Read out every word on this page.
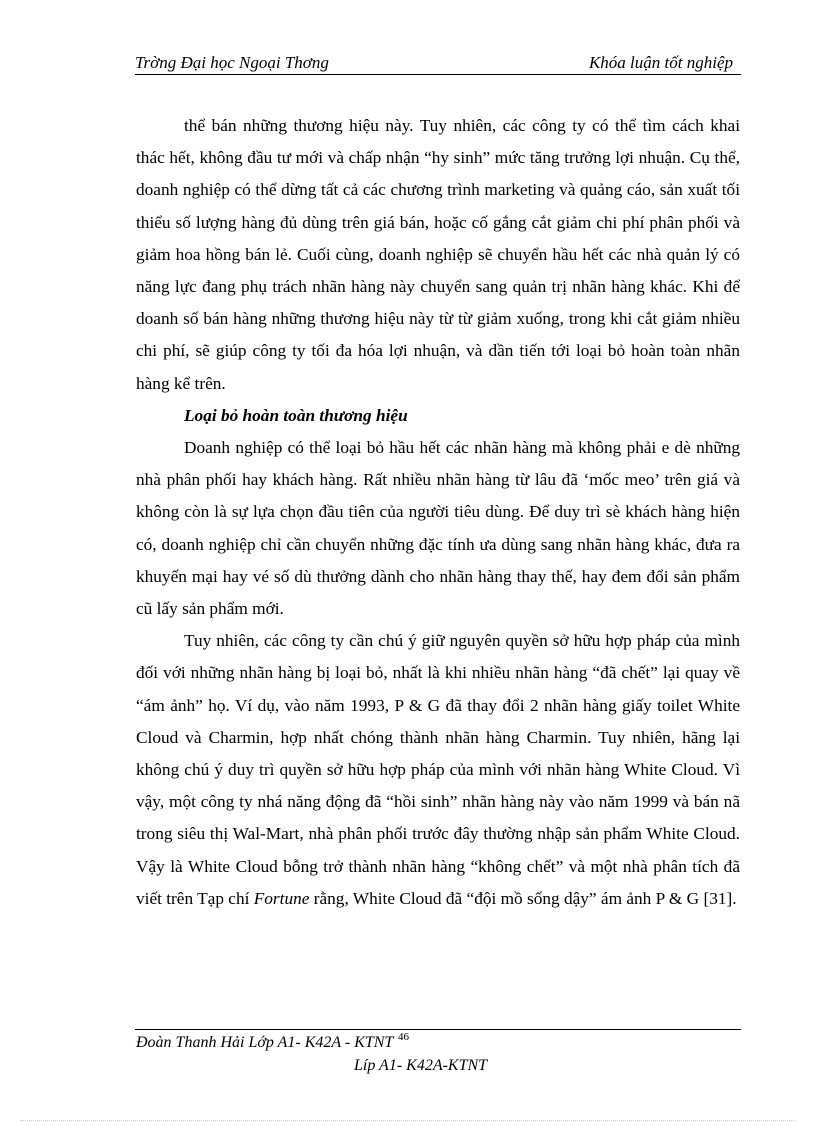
Trờng Đại học Ngoại Thơng	Khóa luận tốt nghiệp

thể bán những thương hiệu này. Tuy nhiên, các công ty có thể tìm cách khai thác hết, không đầu tư mới và chấp nhận “hy sinh” mức tăng trưởng lợi nhuận. Cụ thể, doanh nghiệp có thể dừng tất cả các chương trình marketing và quảng cáo, sản xuất tối thiểu số lượng hàng đủ dùng trên giá bán, hoặc cố gắng cắt giảm chi phí phân phối và giảm hoa hồng bán lẻ. Cuối cùng, doanh nghiệp sẽ chuyển hầu hết các nhà quản lý có năng lực đang phụ trách nhãn hàng này chuyển sang quản trị nhãn hàng khác. Khi để doanh số bán hàng những thương hiệu này từ từ giảm xuống, trong khi cắt giảm nhiều chi phí, sẽ giúp công ty tối đa hóa lợi nhuận, và dần tiến tới loại bỏ hoàn toàn nhãn hàng kể trên.

Loại bỏ hoàn toàn thương hiệu

Doanh nghiệp có thể loại bỏ hầu hết các nhãn hàng mà không phải e dè những nhà phân phối hay khách hàng. Rất nhiều nhãn hàng từ lâu đã ‘mốc meo’ trên giá và không còn là sự lựa chọn đầu tiên của người tiêu dùng. Để duy trì sè khách hàng hiện có, doanh nghiệp chỉ cần chuyển những đặc tính ưa dùng sang nhãn hàng khác, đưa ra khuyến mại hay vé số dù thưởng dành cho nhãn hàng thay thế, hay đem đổi sản phẩm cũ lấy sản phẩm mới.

Tuy nhiên, các công ty cần chú ý giữ nguyên quyền sở hữu hợp pháp của mình đối với những nhãn hàng bị loại bỏ, nhất là khi nhiều nhãn hàng “đã chết” lại quay về “ám ảnh” họ. Ví dụ, vào năm 1993, P & G đã thay đổi 2 nhãn hàng giấy toilet White Cloud và Charmin, hợp nhất chóng thành nhãn hàng Charmin. Tuy nhiên, hãng lại không chú ý duy trì quyền sở hữu hợp pháp của mình với nhãn hàng White Cloud. Vì vậy, một công ty nhá năng động đã “hồi sinh” nhãn hàng này vào năm 1999 và bán nã trong siêu thị Wal-Mart, nhà phân phối trước đây thường nhập sản phẩm White Cloud. Vậy là White Cloud bỗng trở thành nhãn hàng “không chết” và một nhà phân tích đã viết trên Tạp chí Fortune rằng, White Cloud đã “đội mồ sống dậy” ám ảnh P & G [31].

Đoàn Thanh Hải Lớp A1- K42A - KTNT 46
Líp A1- K42A-KTNT
